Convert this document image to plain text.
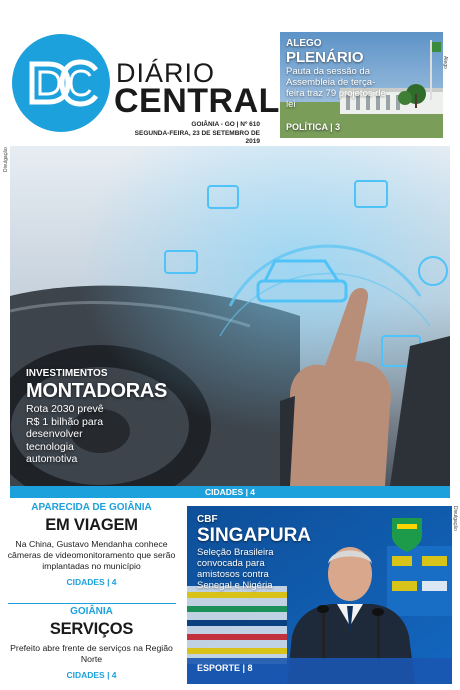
DIÁRIO
CENTRAL
GOIÂNIA - GO | Nº 610
SEGUNDA-FEIRA, 23 DE SETEMBRO DE 2019
ALEGO
PLENÁRIO
Pauta da sessão da Assembleia de terça-feira traz 79 projetos de lei
POLÍTICA | 3
Alego
Divulgação
INVESTIMENTOS
MONTADORAS
Rota 2030 prevê R$ 1 bilhão para desenvolver tecnologia automotiva
CIDADES | 4
APARECIDA DE GOIÂNIA
EM VIAGEM
Na China, Gustavo Mendanha conhece câmeras de videomonitoramento que serão implantadas no município
CIDADES | 4
GOIÂNIA
SERVIÇOS
Prefeito abre frente de serviços na Região Norte
CIDADES | 4
CBF
SINGAPURA
Seleção Brasileira convocada para amistosos contra Senegal e Nigéria
ESPORTE | 8
Divulgação
